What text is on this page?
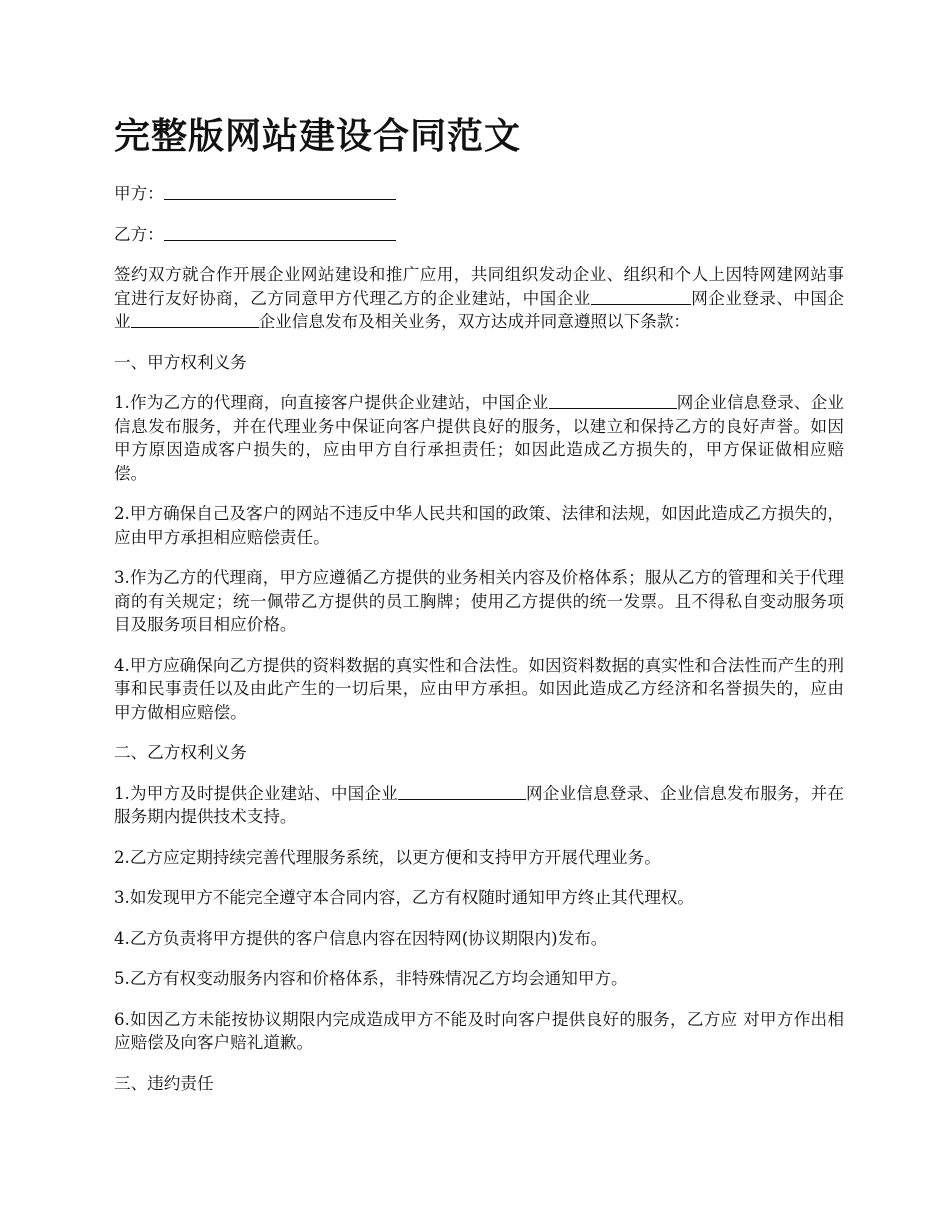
完整版网站建设合同范文

甲方：

乙方：

签约双方就合作开展企业网站建设和推广应用，共同组织发动企业、组织和个人上因特网建网站事宜进行友好协商，乙方同意甲方代理乙方的企业建站，中国企业	网企业登录、中国企业	企业信息发布及相关业务，双方达成并同意遵照以下条款：

一、甲方权利义务

1.作为乙方的代理商，向直接客户提供企业建站，中国企业	网企业信息登录、企业信息发布服务，并在代理业务中保证向客户提供良好的服务，以建立和保持乙方的良好声誉。如因甲方原因造成客户损失的，应由甲方自行承担责任；如因此造成乙方损失的，甲方保证做相应赔偿。

2.甲方确保自己及客户的网站不违反中华人民共和国的政策、法律和法规，如因此造成乙方损失的，应由甲方承担相应赔偿责任。

3.作为乙方的代理商，甲方应遵循乙方提供的业务相关内容及价格体系；服从乙方的管理和关于代理商的有关规定；统一佩带乙方提供的员工胸牌；使用乙方提供的统一发票。且不得私自变动服务项目及服务项目相应价格。

4.甲方应确保向乙方提供的资料数据的真实性和合法性。如因资料数据的真实性和合法性而产生的刑事和民事责任以及由此产生的一切后果，应由甲方承担。如因此造成乙方经济和名誉损失的，应由甲方做相应赔偿。

二、乙方权利义务

1.为甲方及时提供企业建站、中国企业	网企业信息登录、企业信息发布服务，并在服务期内提供技术支持。

2.乙方应定期持续完善代理服务系统，以更方便和支持甲方开展代理业务。

3.如发现甲方不能完全遵守本合同内容，乙方有权随时通知甲方终止其代理权。

4.乙方负责将甲方提供的客户信息内容在因特网(协议期限内)发布。

5.乙方有权变动服务内容和价格体系，非特殊情况乙方均会通知甲方。

6.如因乙方未能按协议期限内完成造成甲方不能及时向客户提供良好的服务，乙方应 对甲方作出相应赔偿及向客户赔礼道歉。

三、违约责任
